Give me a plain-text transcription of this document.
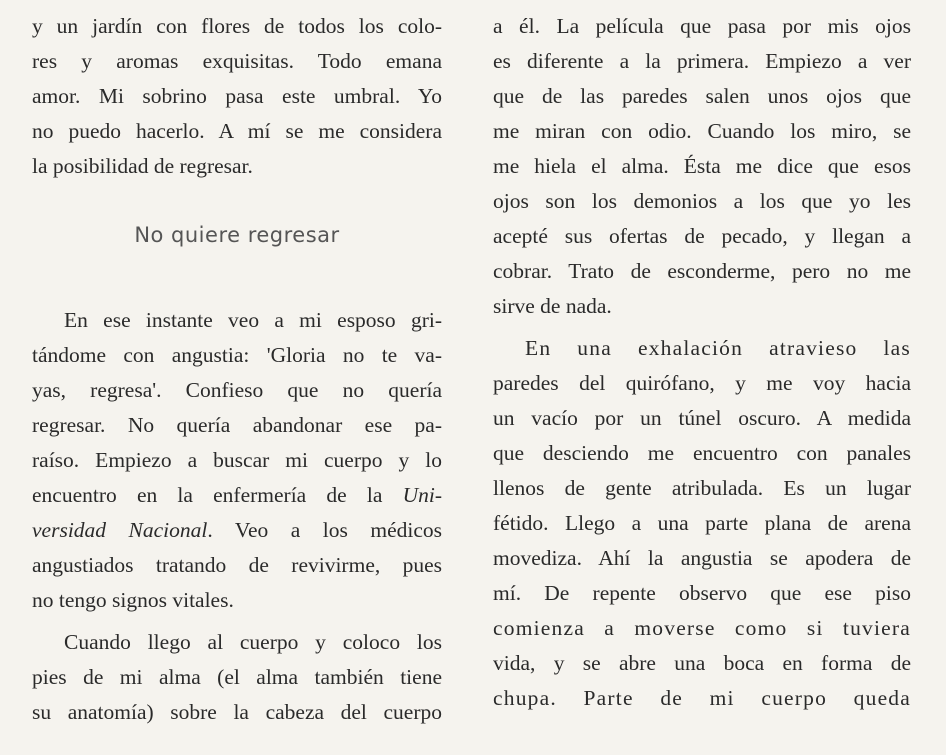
y un jardín con flores de todos los colo-
res y aromas exquisitas. Todo emana
amor. Mi sobrino pasa este umbral. Yo
no puedo hacerlo. A mí se me considera
la posibilidad de regresar.
No quiere regresar
En ese instante veo a mi esposo gri-
tándome con angustia: 'Gloria no te va-
yas, regresa'. Confieso que no quería
regresar. No quería abandonar ese pa-
raíso. Empiezo a buscar mi cuerpo y lo
encuentro en la enfermería de la Uni-
versidad Nacional. Veo a los médicos
angustiados tratando de revivirme, pues
no tengo signos vitales.
Cuando llego al cuerpo y coloco los
pies de mi alma (el alma también tiene
su anatomía) sobre la cabeza del cuerpo
a él. La película que pasa por mis ojos
es diferente a la primera. Empiezo a ver
que de las paredes salen unos ojos que
me miran con odio. Cuando los miro, se
me hiela el alma. Ésta me dice que esos
ojos son los demonios a los que yo les
acepté sus ofertas de pecado, y llegan a
cobrar. Trato de esconderme, pero no me
sirve de nada.
En una exhalación atravieso las
paredes del quirófano, y me voy hacia
un vacío por un túnel oscuro. A medida
que desciendo me encuentro con panales
llenos de gente atribulada. Es un lugar
fétido. Llego a una parte plana de arena
movediza. Ahí la angustia se apodera de
mí. De repente observo que ese piso
comienza a moverse como si tuviera
vida, y se abre una boca en forma de
chupa. Parte de mi cuerpo queda
